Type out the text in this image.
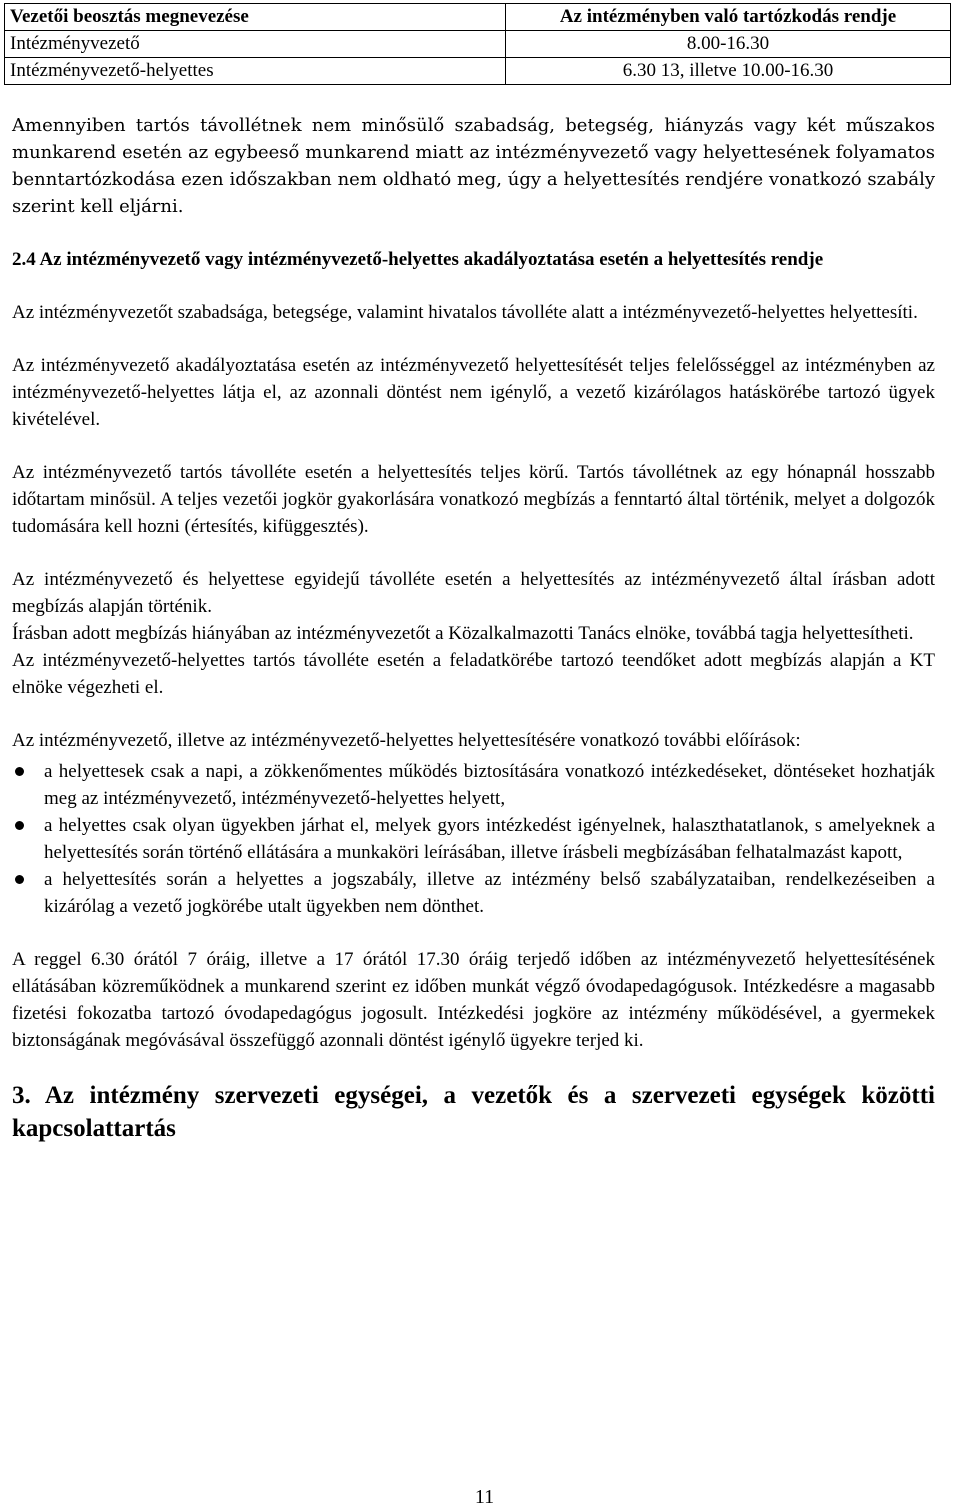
Vezetői beosztás megnevezése	Az intézményben való tartózkodás rendje
Intézményvezető	8.00-16.30
Intézményvezető-helyettes	6.30 13, illetve 10.00-16.30

Amennyiben tartós távollétnek nem minősülő szabadság, betegség, hiányzás vagy két műszakos munkarend esetén az egybeeső munkarend miatt az intézményvezető vagy helyettesének folyamatos benntartózkodása ezen időszakban nem oldható meg, úgy a helyettesítés rendjére vonatkozó szabály szerint kell eljárni.

2.4 Az intézményvezető vagy intézményvezető-helyettes akadályoztatása esetén a helyettesítés rendje

Az intézményvezetőt szabadsága, betegsége, valamint hivatalos távolléte alatt a intézményvezető-helyettes helyettesíti.

Az intézményvezető akadályoztatása esetén az intézményvezető helyettesítését teljes felelősséggel az intézményben az intézményvezető-helyettes látja el, az azonnali döntést nem igénylő, a vezető kizárólagos hatáskörébe tartozó ügyek kivételével.

Az intézményvezető tartós távolléte esetén a helyettesítés teljes körű. Tartós távollétnek az egy hónapnál hosszabb időtartam minősül. A teljes vezetői jogkör gyakorlására vonatkozó megbízás a fenntartó által történik, melyet a dolgozók tudomására kell hozni (értesítés, kifüggesztés).

Az intézményvezető és helyettese egyidejű távolléte esetén a helyettesítés az intézményvezető által írásban adott megbízás alapján történik.

Írásban adott megbízás hiányában az intézményvezetőt a Közalkalmazotti Tanács elnöke, továbbá tagja helyettesítheti.

Az intézményvezető-helyettes tartós távolléte esetén a feladatkörébe tartozó teendőket adott megbízás alapján a KT elnöke végezheti el.

Az intézményvezető, illetve az intézményvezető-helyettes helyettesítésére vonatkozó további előírások:

a helyettesek csak a napi, a zökkenőmentes működés biztosítására vonatkozó intézkedéseket, döntéseket hozhatják meg az intézményvezető, intézményvezető-helyettes helyett,
a helyettes csak olyan ügyekben járhat el, melyek gyors intézkedést igényelnek, halaszthatatlanok, s amelyeknek a helyettesítés során történő ellátására a munkaköri leírásában, illetve írásbeli megbízásában felhatalmazást kapott,
a helyettesítés során a helyettes a jogszabály, illetve az intézmény belső szabályzataiban, rendelkezéseiben a kizárólag a vezető jogkörébe utalt ügyekben nem dönthet.

A reggel 6.30 órától 7 óráig, illetve a 17 órától 17.30 óráig terjedő időben az intézményvezető helyettesítésének ellátásában közreműködnek a munkarend szerint ez időben munkát végző óvodapedagógusok. Intézkedésre a magasabb fizetési fokozatba tartozó óvodapedagógus jogosult. Intézkedési jogköre az intézmény működésével, a gyermekek biztonságának megóvásával összefüggő azonnali döntést igénylő ügyekre terjed ki.

3. Az intézmény szervezeti egységei, a vezetők és a szervezeti egységek közötti kapcsolattartás

11
